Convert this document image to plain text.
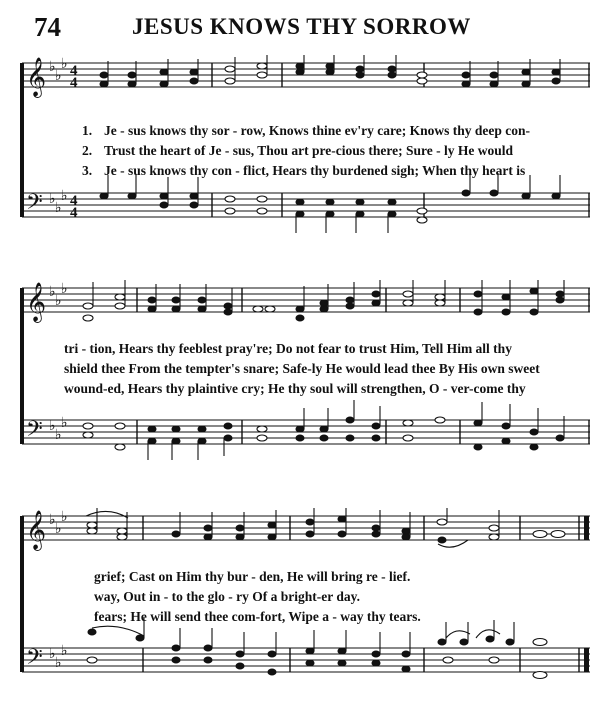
74	JESUS KNOWS THY SORROW
𝄞
𝄢
♭
♭
♭
♭
♭
♭
4
4
4
4
1. Je - sus knows thy sor - row, Knows thine ev'ry care; Knows thy deep con-
2. Trust the heart of Je - sus, Thou art pre-cious there; Sure - ly He would
3. Je - sus knows thy con - flict, Hears thy burdened sigh; When thy heart is
𝄞
𝄢
♭
♭
♭
♭
♭
♭
tri - tion, Hears thy feeblest pray're; Do not fear to trust Him, Tell Him all thy
shield thee From the tempter's snare; Safe-ly He would lead thee By His own sweet
wound-ed, Hears thy plaintive cry; He thy soul will strengthen, O - ver-come thy
𝄞
𝄢
♭
♭
♭
♭
♭
♭
grief; Cast on Him thy bur - den, He will bring re - lief.
way, Out in - to the glo - ry Of a bright-er day.
fears; He will send thee com-fort, Wipe a - way thy tears.
